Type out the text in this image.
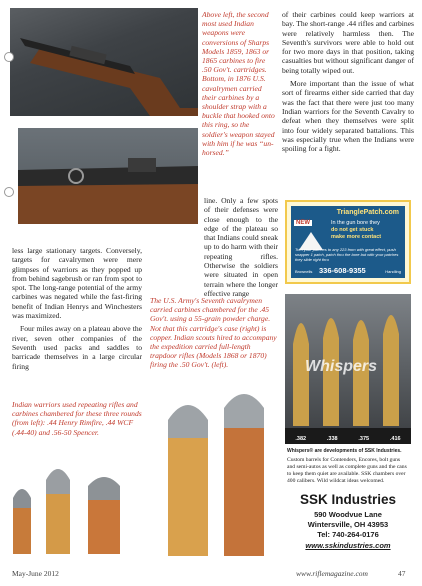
Above left, the second most used Indian weapons were conversions of Sharps Models 1859, 1863 or 1865 carbines to fire .50 Gov't. cartridges. Bottom, in 1876 U.S. cavalrymen carried their carbines by a shoulder strap with a buckle that hooked onto this ring, so the soldier's weapon stayed with him if he was “un-horsed.”

of their carbines could keep warriors at bay. The short-range .44 rifles and carbines were relatively harmless then. The Seventh's survivors were able to hold out for two more days in that position, taking casualties but without significant danger of being totally wiped out.

More important than the issue of what sort of firearms either side carried that day was the fact that there were just too many Indian warriors for the Seventh Cavalry to defeat when they themselves were split into four widely separated battalions. This was especially true when the Indians were spoiling for a fight.

line. Only a few spots of their defenses were close enough to the edge of the plateau so that Indians could sneak up to do harm with their repeating rifles. Otherwise the soldiers were situated in open terrain where the longer effective range

less large stationary targets. Conversely, targets for cavalrymen were mere glimpses of warriors as they popped up from behind sagebrush or ran from spot to spot. The long-range potential of the army carbines was negated while the fast-firing benefit of Indian Henrys and Winchesters was maximized.

Four miles away on a plateau above the river, seven other companies of the Seventh used packs and saddles to barricade themselves in a large circular firing

The U.S. Army's Seventh cavalrymen carried carbines chambered for the .45 Gov't. using a 55-grain powder charge. Not that this cartridge's case (right) is copper. Indian scouts hired to accompany the expedition carried full-length trapdoor rifles (Models 1868 or 1870) firing the .50 Gov't. (left).
Indian warriors used repeating rifles and carbines chambered for these three rounds (from left): .44 Henry Rimfire, .44 WCF (.44-40) and .56-50 Spencer.
TrianglePatch.com
NEW	In the gun bore they
do not get stuck
make more contact
Trim your patches to any 223 from with great effect, push snapper 1 patch, patch thru the bore but with your patches they slide right thru
Brownells 336-608-9355	Handling
Whispers
.382	.338	.375	.416
Whispers® are developments of SSK Industries.
Custom barrels for Contenders, Encores, bolt guns and semi-autos as well as complete guns and the cans to keep them quiet are available. SSK chambers over 400 calibers. Wild wildcat ideas welcomed.
SSK Industries
590 Woodvue Lane
Wintersville, OH 43953
Tel: 740-264-0176
www.sskindustries.com
May-June 2012	www.riflemagazine.com	47
